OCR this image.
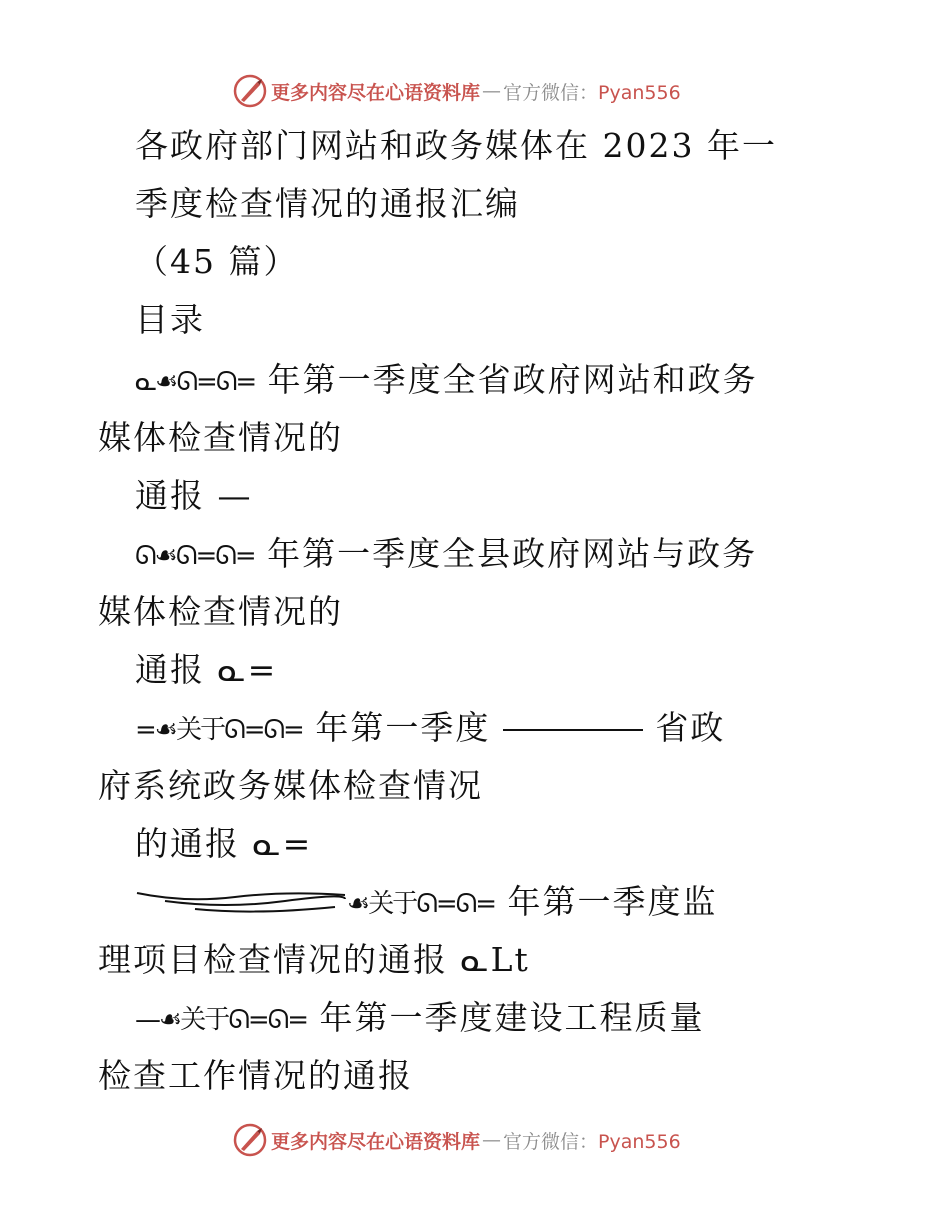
更多内容尽在心语资料库 — 官方微信：Pyan556
各政府部门网站和政务媒体在 2023 年一
季度检查情况的通报汇编
（45 篇）
目录
ᓇ☙ᘏ=ᘏ= 年第一季度全省政府网站和政务
媒体检查情况的
通报 —
ᘏ☙ᘏ=ᘏ= 年第一季度全县政府网站与政务
媒体检查情况的
通报 ᓇ=
=☙关于ᘏ=ᘏ= 年第一季度	省政
府系统政务媒体检查情况
的通报 ᓇ=
☙关于ᘏ=ᘏ= 年第一季度监
理项目检查情况的通报 ᓇLt
—☙关于ᘏ=ᘏ= 年第一季度建设工程质量
检查工作情况的通报
更多内容尽在心语资料库 — 官方微信：Pyan556
